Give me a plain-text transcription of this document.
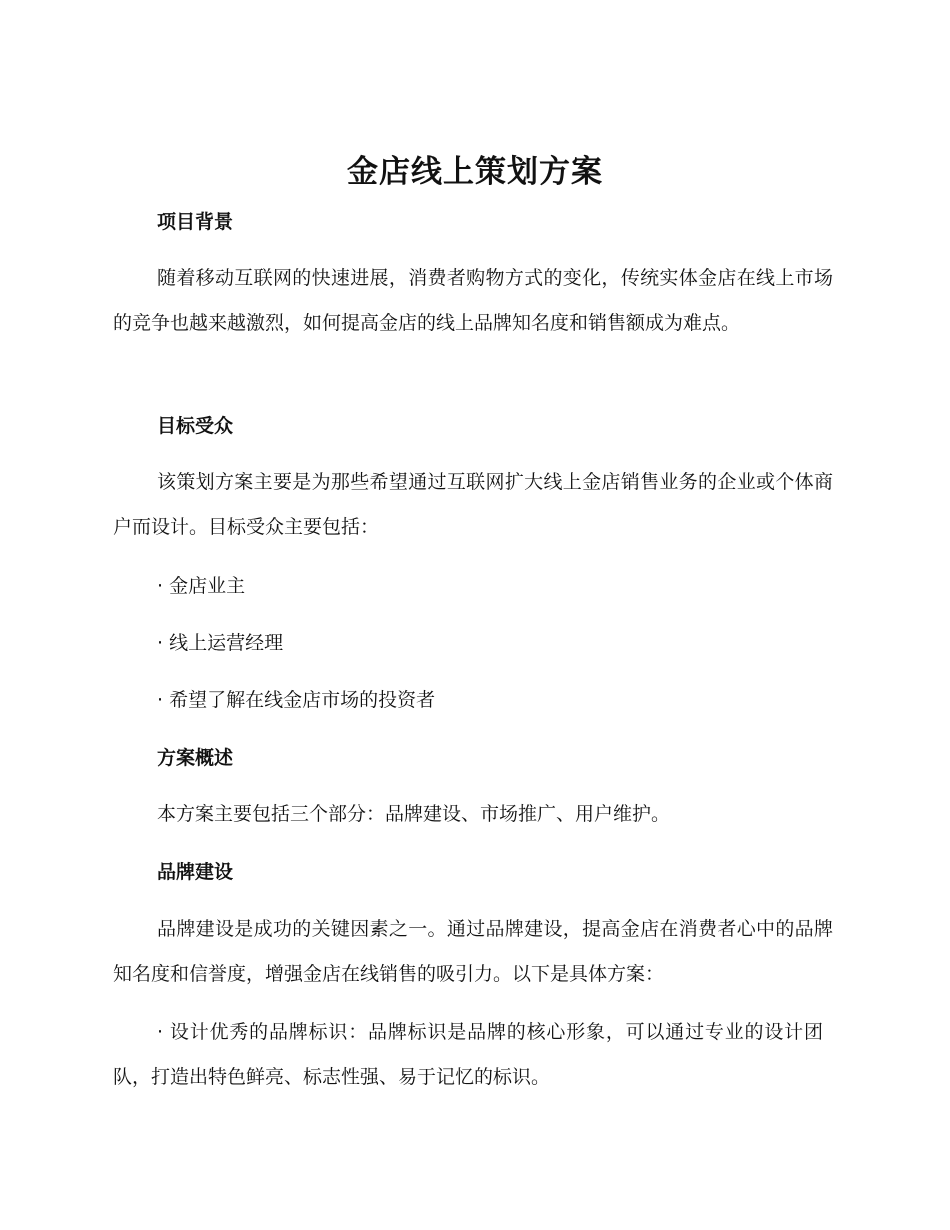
金店线上策划方案
项目背景
随着移动互联网的快速进展，消费者购物方式的变化，传统实体金店在线上市场的竞争也越来越激烈，如何提高金店的线上品牌知名度和销售额成为难点。
目标受众
该策划方案主要是为那些希望通过互联网扩大线上金店销售业务的企业或个体商户而设计。目标受众主要包括：
· 金店业主
· 线上运营经理
· 希望了解在线金店市场的投资者
方案概述
本方案主要包括三个部分：品牌建设、市场推广、用户维护。
品牌建设
品牌建设是成功的关键因素之一。通过品牌建设，提高金店在消费者心中的品牌知名度和信誉度，增强金店在线销售的吸引力。以下是具体方案：
· 设计优秀的品牌标识：品牌标识是品牌的核心形象，可以通过专业的设计团队，打造出特色鲜亮、标志性强、易于记忆的标识。
